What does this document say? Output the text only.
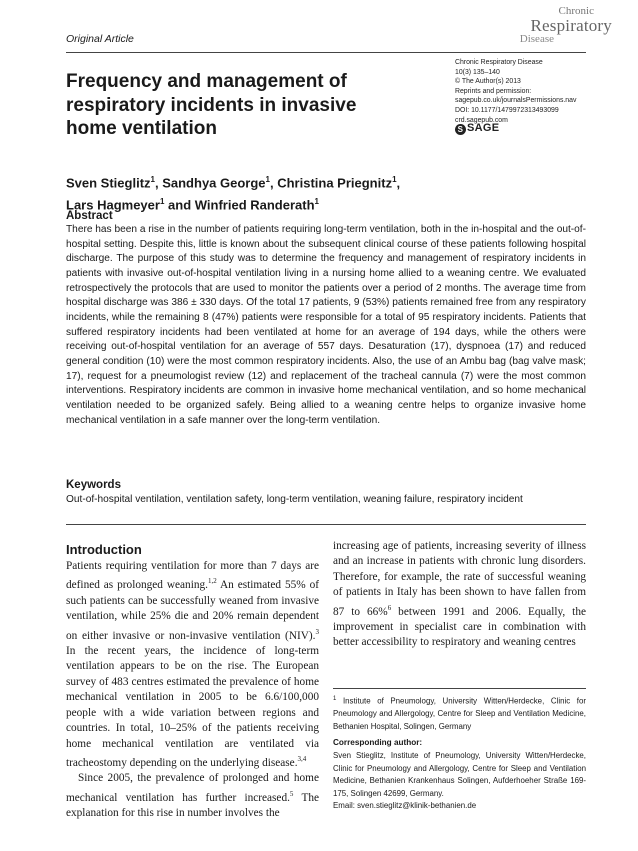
Original Article
Chronic
Respiratory
Disease
Chronic Respiratory Disease
10(3) 135–140
© The Author(s) 2013
Reprints and permission:
sagepub.co.uk/journalsPermissions.nav
DOI: 10.1177/1479972313493099
crd.sagepub.com
S SAGE
Frequency and management of respiratory incidents in invasive home ventilation
Sven Stieglitz$^1$, Sandhya George$^1$, Christina Priegnitz$^1$,
Lars Hagmeyer$^1$ and Winfried Randerath$^1$
Abstract
There has been a rise in the number of patients requiring long-term ventilation, both in the in-hospital and the out-of-hospital setting. Despite this, little is known about the subsequent clinical course of these patients following hospital discharge. The purpose of this study was to determine the frequency and management of respiratory incidents in patients with invasive out-of-hospital ventilation living in a nursing home allied to a weaning centre. We evaluated retrospectively the protocols that are used to monitor the patients over a period of 2 months. The average time from hospital discharge was 386 ± 330 days. Of the total 17 patients, 9 (53%) patients remained free from any respiratory incidents, while the remaining 8 (47%) patients were responsible for a total of 95 respiratory incidents. Patients that suffered respiratory incidents had been ventilated at home for an average of 194 days, while the others were receiving out-of-hospital ventilation for an average of 557 days. Desaturation (17), dyspnoea (17) and reduced general condition (10) were the most common respiratory incidents. Also, the use of an Ambu bag (bag valve mask; 17), request for a pneumologist review (12) and replacement of the tracheal cannula (7) were the most common interventions. Respiratory incidents are common in invasive home mechanical ventilation, and so home mechanical ventilation needed to be organized safely. Being allied to a weaning centre helps to organize invasive home mechanical ventilation in a safe manner over the long-term ventilation.
Keywords
Out-of-hospital ventilation, ventilation safety, long-term ventilation, weaning failure, respiratory incident
Introduction

Patients requiring ventilation for more than 7 days are defined as prolonged weaning.$^{1,2}$ An estimated 55% of such patients can be successfully weaned from invasive ventilation, while 25% die and 20% remain dependent on either invasive or non-invasive ventilation (NIV).$^3$ In the recent years, the incidence of long-term ventilation appears to be on the rise. The European survey of 483 centres estimated the prevalence of home mechanical ventilation in 2005 to be 6.6/100,000 people with a wide variation between regions and countries. In total, 10–25% of the patients receiving home mechanical ventilation are ventilated via tracheostomy depending on the underlying disease.$^{3,4}$

Since 2005, the prevalence of prolonged and home mechanical ventilation has further increased.$^5$ The explanation for this rise in number involves the

increasing age of patients, increasing severity of illness and an increase in patients with chronic lung disorders. Therefore, for example, the rate of successful weaning of patients in Italy has been shown to have fallen from 87 to 66%$^6$ between 1991 and 2006. Equally, the improvement in specialist care in combination with better accessibility to respiratory and weaning centres

$^1$ Institute of Pneumology, University Witten/Herdecke, Clinic for Pneumology and Allergology, Centre for Sleep and Ventilation Medicine, Bethanien Hospital, Solingen, Germany
Corresponding author:
Sven Stieglitz, Institute of Pneumology, University Witten/Herdecke, Clinic for Pneumology and Allergology, Centre for Sleep and Ventilation Medicine, Bethanien Krankenhaus Solingen, Aufderhoeher Straße 169-175, Solingen 42699, Germany.
Email: sven.stieglitz@klinik-bethanien.de
